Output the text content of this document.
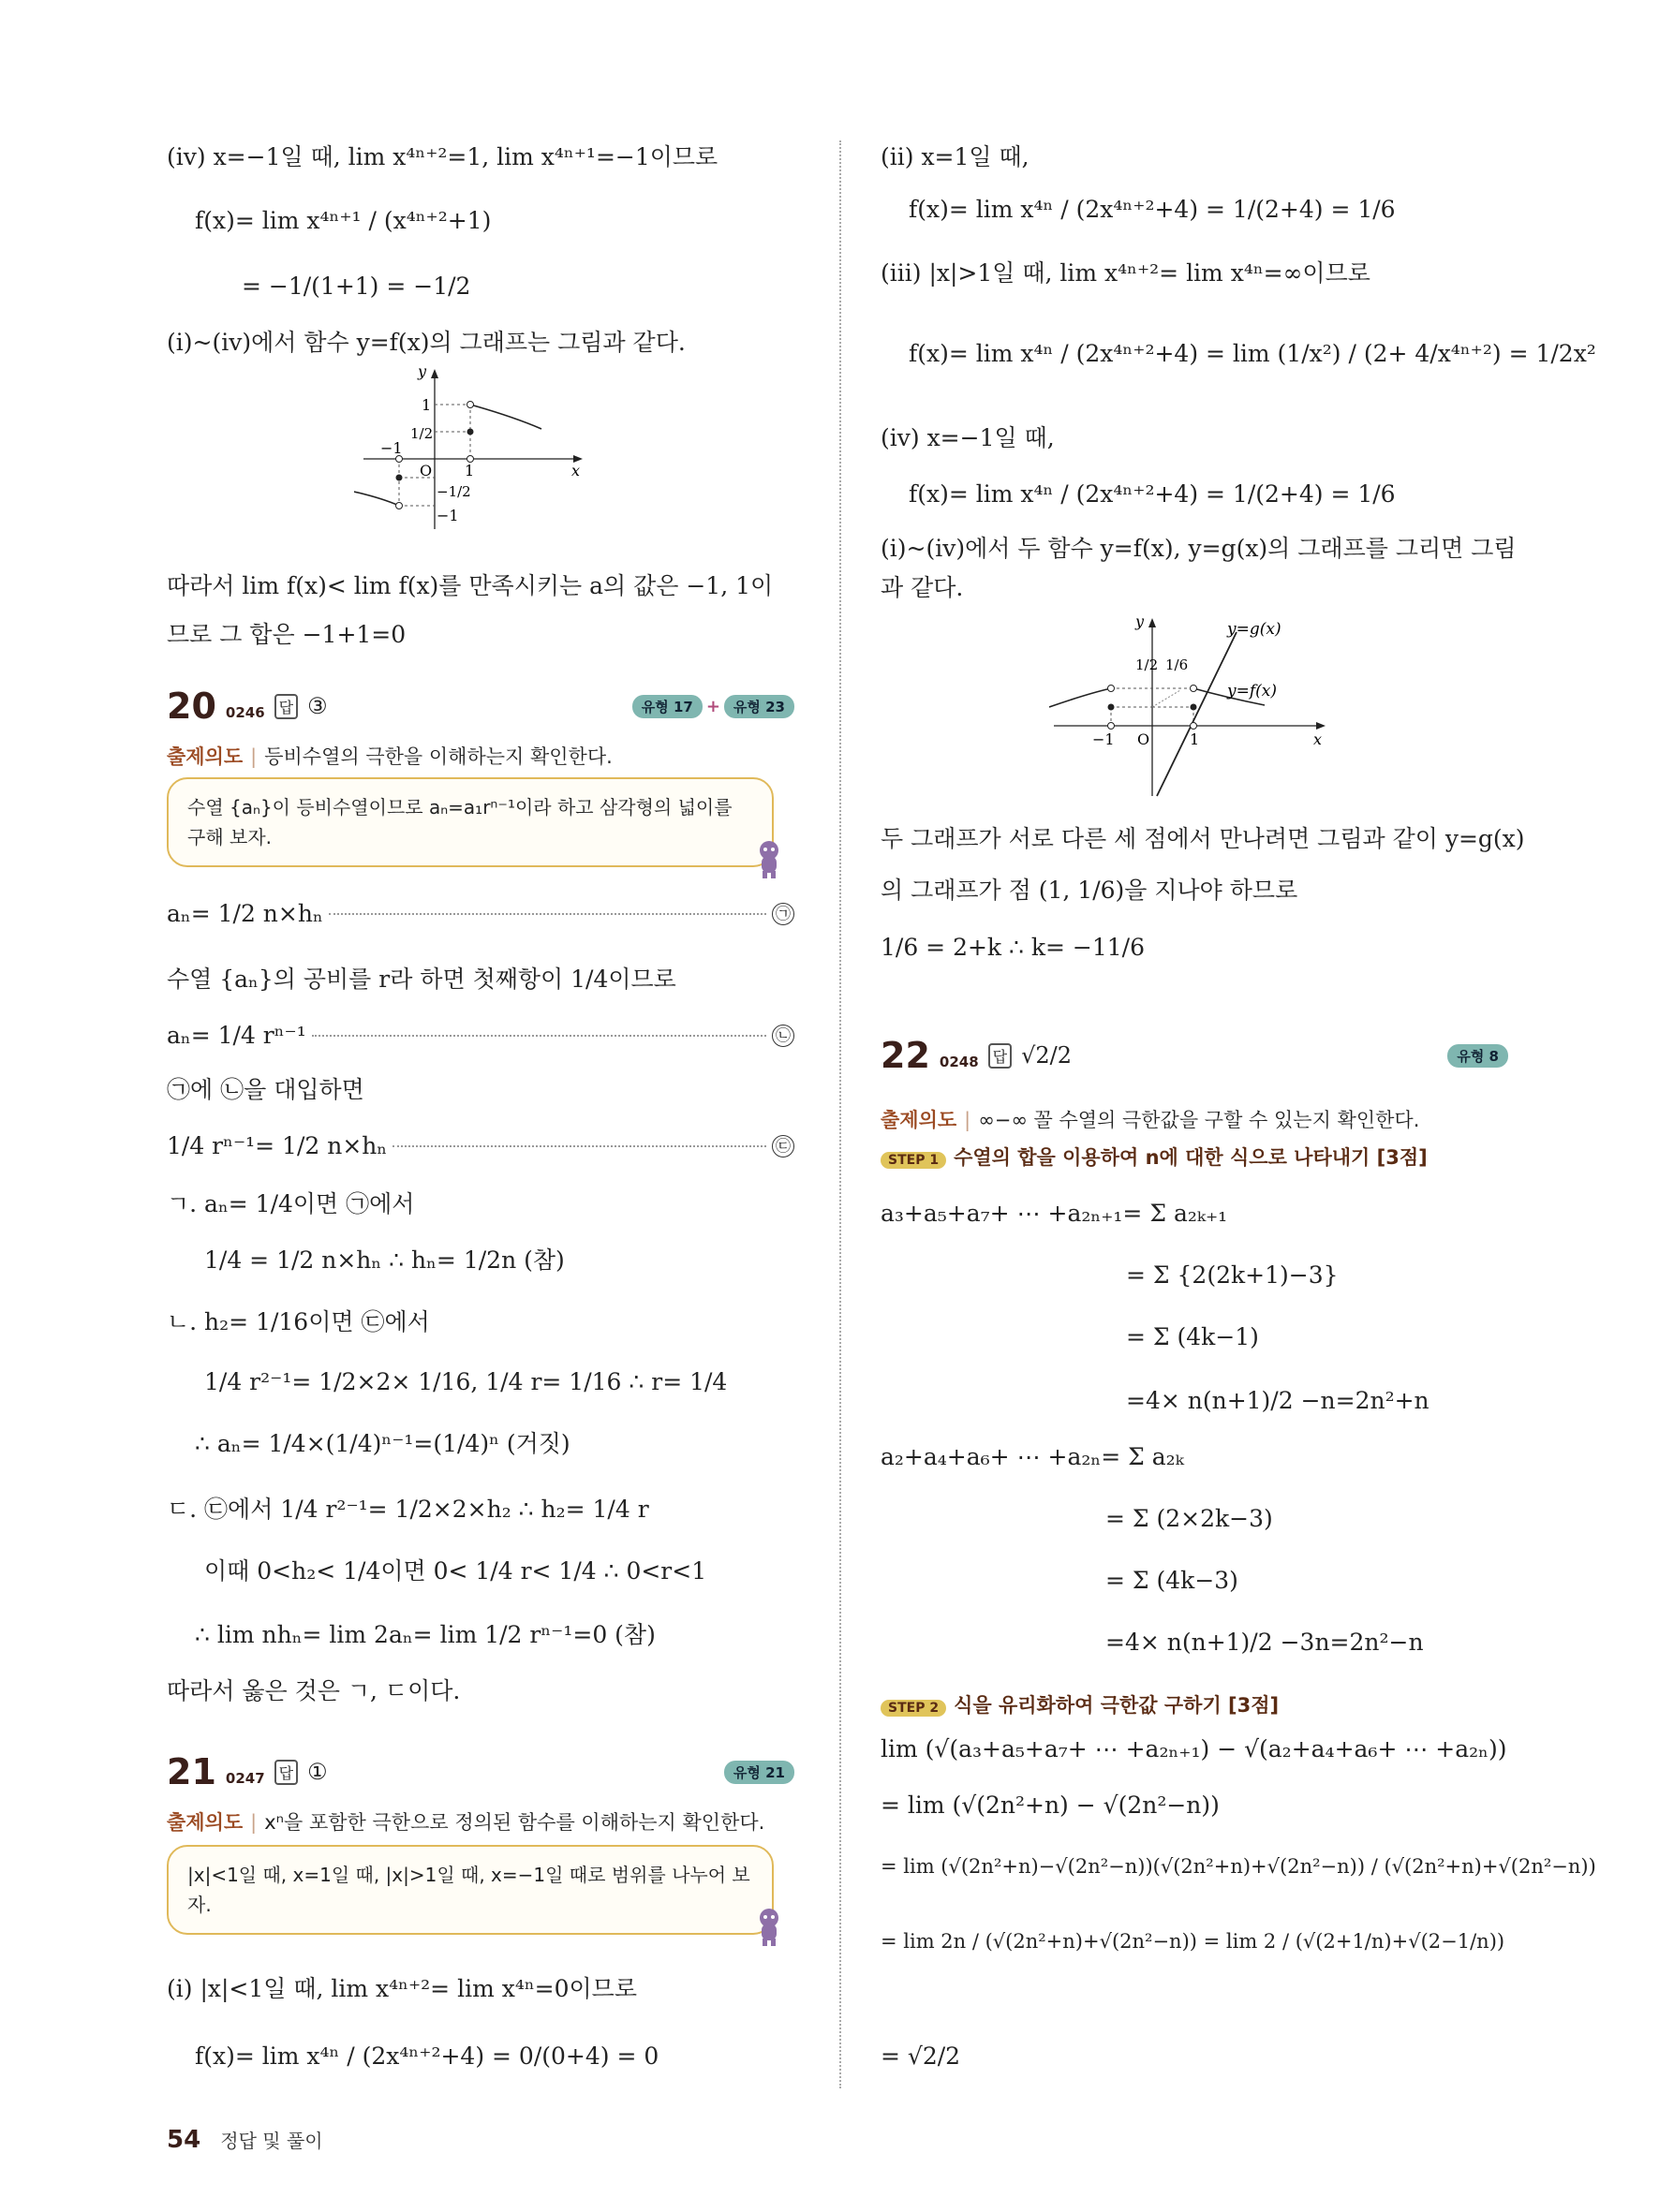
(ⅳ) x=−1일 때, lim x⁴ⁿ⁺²=1, lim x⁴ⁿ⁺¹=−1이므로
f(x)= lim x⁴ⁿ⁺¹ / (x⁴ⁿ⁺²+1)
= −1/(1+1) = −1/2
(ⅰ)~(ⅳ)에서 함수 y=f(x)의 그래프는 그림과 같다.
y
x
O
1
1/2
1
−1
−1/2
−1
따라서 lim f(x)< lim f(x)를 만족시키는 a의 값은 −1, 1이
므로 그 합은 −1+1=0
20 0246 답 ③	유형 17 + 유형 23
출제의도 | 등비수열의 극한을 이해하는지 확인한다.
수열 {aₙ}이 등비수열이므로 aₙ=a₁rⁿ⁻¹이라 하고 삼각형의 넓이를 구해 보자.
aₙ= 1/2 n×hₙ	㉠
수열 {aₙ}의 공비를 r라 하면 첫째항이 1/4이므로
aₙ= 1/4 rⁿ⁻¹	㉡
㉠에 ㉡을 대입하면
1/4 rⁿ⁻¹= 1/2 n×hₙ	㉢
ㄱ. aₙ= 1/4이면 ㉠에서
1/4 = 1/2 n×hₙ ∴ hₙ= 1/2n (참)
ㄴ. h₂= 1/16이면 ㉢에서
1/4 r²⁻¹= 1/2×2× 1/16, 1/4 r= 1/16 ∴ r= 1/4
∴ aₙ= 1/4×(1/4)ⁿ⁻¹=(1/4)ⁿ (거짓)
ㄷ. ㉢에서 1/4 r²⁻¹= 1/2×2×h₂ ∴ h₂= 1/4 r
이때 0<h₂< 1/4이면 0< 1/4 r< 1/4 ∴ 0<r<1
∴ lim nhₙ= lim 2aₙ= lim 1/2 rⁿ⁻¹=0 (참)
따라서 옳은 것은 ㄱ, ㄷ이다.
21 0247 답 ①	유형 21
출제의도 | xⁿ을 포함한 극한으로 정의된 함수를 이해하는지 확인한다.
|x|<1일 때, x=1일 때, |x|>1일 때, x=−1일 때로 범위를 나누어 보자.
(ⅰ) |x|<1일 때, lim x⁴ⁿ⁺²= lim x⁴ⁿ=0이므로
f(x)= lim x⁴ⁿ / (2x⁴ⁿ⁺²+4) = 0/(0+4) = 0
(ⅱ) x=1일 때,
f(x)= lim x⁴ⁿ / (2x⁴ⁿ⁺²+4) = 1/(2+4) = 1/6
(ⅲ) |x|>1일 때, lim x⁴ⁿ⁺²= lim x⁴ⁿ=∞이므로
f(x)= lim x⁴ⁿ / (2x⁴ⁿ⁺²+4) = lim (1/x²) / (2+ 4/x⁴ⁿ⁺²) = 1/2x²
(ⅳ) x=−1일 때,
f(x)= lim x⁴ⁿ / (2x⁴ⁿ⁺²+4) = 1/(2+4) = 1/6
(ⅰ)~(ⅳ)에서 두 함수 y=f(x), y=g(x)의 그래프를 그리면 그림
과 같다.
y
x
O
−1	1
1/2 1/6
y=g(x)
y=f(x)
두 그래프가 서로 다른 세 점에서 만나려면 그림과 같이 y=g(x)
의 그래프가 점 (1, 1/6)을 지나야 하므로
1/6 = 2+k ∴ k= −11/6
22 0248 답 √2/2	유형 8
출제의도 | ∞−∞ 꼴 수열의 극한값을 구할 수 있는지 확인한다.
STEP 1 수열의 합을 이용하여 n에 대한 식으로 나타내기 [3점]
a₃+a₅+a₇+ ⋯ +a₂ₙ₊₁= Σ a₂ₖ₊₁
= Σ {2(2k+1)−3}
= Σ (4k−1)
=4× n(n+1)/2 −n=2n²+n
a₂+a₄+a₆+ ⋯ +a₂ₙ= Σ a₂ₖ
= Σ (2×2k−3)
= Σ (4k−3)
=4× n(n+1)/2 −3n=2n²−n
STEP 2 식을 유리화하여 극한값 구하기 [3점]
lim (√(a₃+a₅+a₇+ ⋯ +a₂ₙ₊₁) − √(a₂+a₄+a₆+ ⋯ +a₂ₙ))
= lim (√(2n²+n) − √(2n²−n))
= lim (√(2n²+n)−√(2n²−n))(√(2n²+n)+√(2n²−n)) / (√(2n²+n)+√(2n²−n))
= lim 2n / (√(2n²+n)+√(2n²−n)) = lim 2 / (√(2+1/n)+√(2−1/n))
= √2/2
54 정답 및 풀이
